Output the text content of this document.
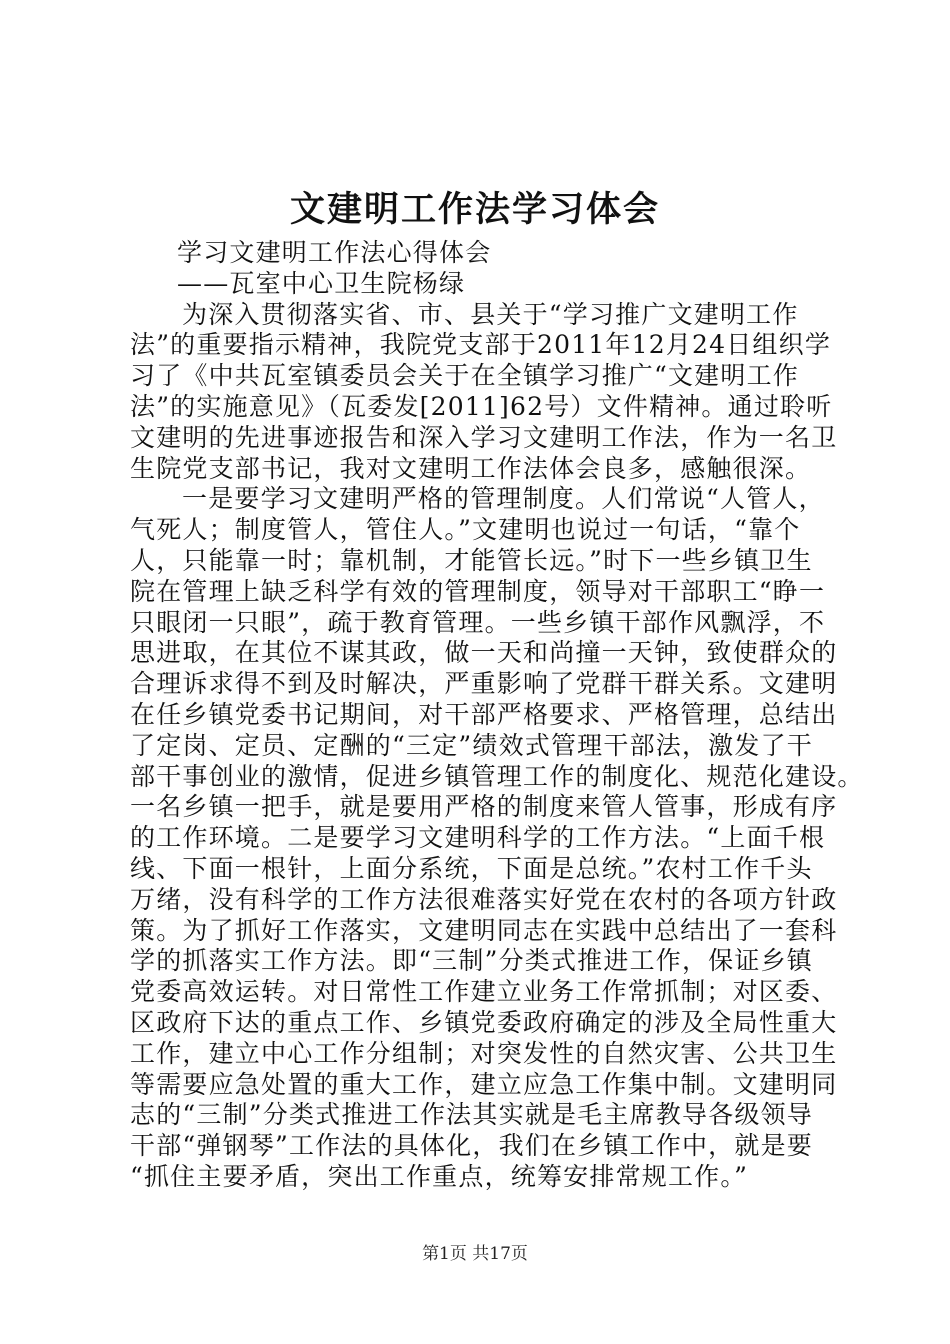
文建明工作法学习体会
学习文建明工作法心得体会
——瓦室中心卫生院杨绿
为深入贯彻落实省、市、县关于“学习推广文建明工作
法”的重要指示精神，我院党支部于2011年12月24日组织学
习了《中共瓦室镇委员会关于在全镇学习推广“文建明工作
法”的实施意见》（瓦委发[2011]62号）文件精神。通过聆听
文建明的先进事迹报告和深入学习文建明工作法，作为一名卫
生院党支部书记，我对文建明工作法体会良多，感触很深。
一是要学习文建明严格的管理制度。人们常说“人管人，
气死人；制度管人，管住人。”文建明也说过一句话，“靠个
人，只能靠一时；靠机制，才能管长远。”时下一些乡镇卫生
院在管理上缺乏科学有效的管理制度，领导对干部职工“睁一
只眼闭一只眼”，疏于教育管理。一些乡镇干部作风飘浮，不
思进取，在其位不谋其政，做一天和尚撞一天钟，致使群众的
合理诉求得不到及时解决，严重影响了党群干群关系。文建明
在任乡镇党委书记期间，对干部严格要求、严格管理，总结出
了定岗、定员、定酬的“三定”绩效式管理干部法，激发了干
部干事创业的激情，促进乡镇管理工作的制度化、规范化建设。
一名乡镇一把手，就是要用严格的制度来管人管事，形成有序
的工作环境。二是要学习文建明科学的工作方法。“上面千根
线、下面一根针，上面分系统，下面是总统。”农村工作千头
万绪，没有科学的工作方法很难落实好党在农村的各项方针政
策。为了抓好工作落实，文建明同志在实践中总结出了一套科
学的抓落实工作方法。即“三制”分类式推进工作，保证乡镇
党委高效运转。对日常性工作建立业务工作常抓制；对区委、
区政府下达的重点工作、乡镇党委政府确定的涉及全局性重大
工作，建立中心工作分组制；对突发性的自然灾害、公共卫生
等需要应急处置的重大工作，建立应急工作集中制。文建明同
志的“三制”分类式推进工作法其实就是毛主席教导各级领导
干部“弹钢琴”工作法的具体化，我们在乡镇工作中，就是要
“抓住主要矛盾，突出工作重点，统筹安排常规工作。”
第1页 共17页
